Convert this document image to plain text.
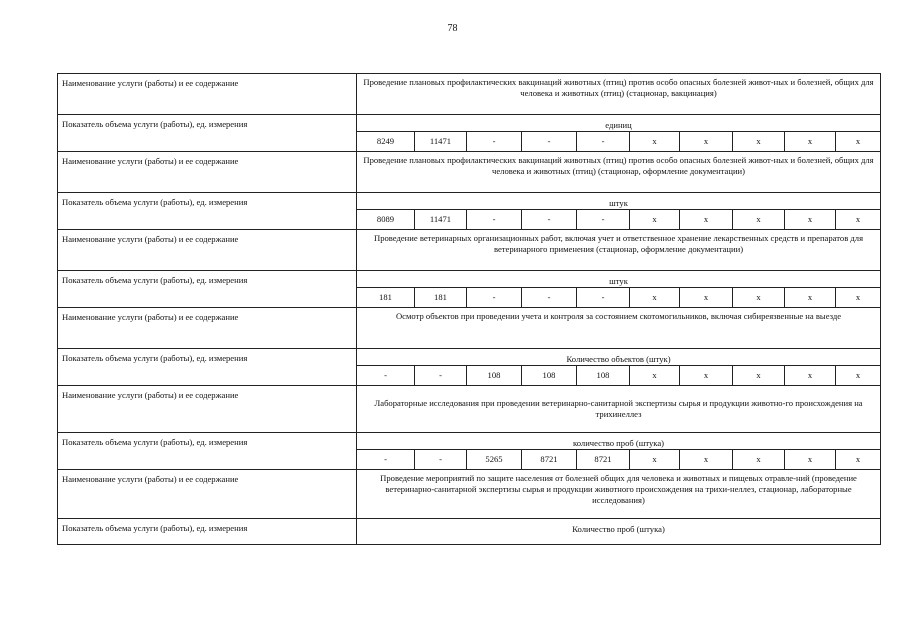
78
Наименование услуги (работы) и ее содержание	Проведение плановых профилактических вакцинаций животных (птиц) против особо опасных болезней живот-ных и болезней, общих для человека и животных (птиц) (стационар, вакцинация)									
Показатель объема услуги (работы), ед. измерения	единиц									
	8249	11471	-	-	-	x	x	x	x	x
Наименование услуги (работы) и ее содержание	Проведение плановых профилактических вакцинаций животных (птиц) против особо опасных болезней живот-ных и болезней, общих для человека и животных (птиц) (стационар, оформление документации)									
Показатель объема услуги (работы), ед. измерения	штук									
	8089	11471	-	-	-	x	x	x	x	x
Наименование услуги (работы) и ее содержание	Проведение ветеринарных организационных работ, включая учет и ответственное хранение лекарственных средств и препаратов для ветеринарного применения (стационар, оформление документации)									
Показатель объема услуги (работы), ед. измерения	штук									
	181	181	-	-	-	x	x	x	x	x
Наименование услуги (работы) и ее содержание	Осмотр объектов при проведении учета и контроля за состоянием скотомогильников, включая сибиреязвенные на выезде									
Показатель объема услуги (работы), ед. измерения	Количество объектов (штук)									
	-	-	108	108	108	x	x	x	x	x
Наименование услуги (работы) и ее содержание	Лабораторные исследования при проведении ветеринарно-санитарной экспертизы сырья и продукции животно-го происхождения на трихинеллез									
Показатель объема услуги (работы), ед. измерения	количество проб (штука)									
	-	-	5265	8721	8721	x	x	x	x	x
Наименование услуги (работы) и ее содержание	Проведение мероприятий по защите населения от болезней общих для человека и животных и пищевых отравле-ний (проведение ветеринарно-санитарной экспертизы сырья и продукции животного происхождения на трихи-неллез, стационар, лабораторные исследования)									
Показатель объема услуги (работы), ед. измерения	Количество проб (штука)									
